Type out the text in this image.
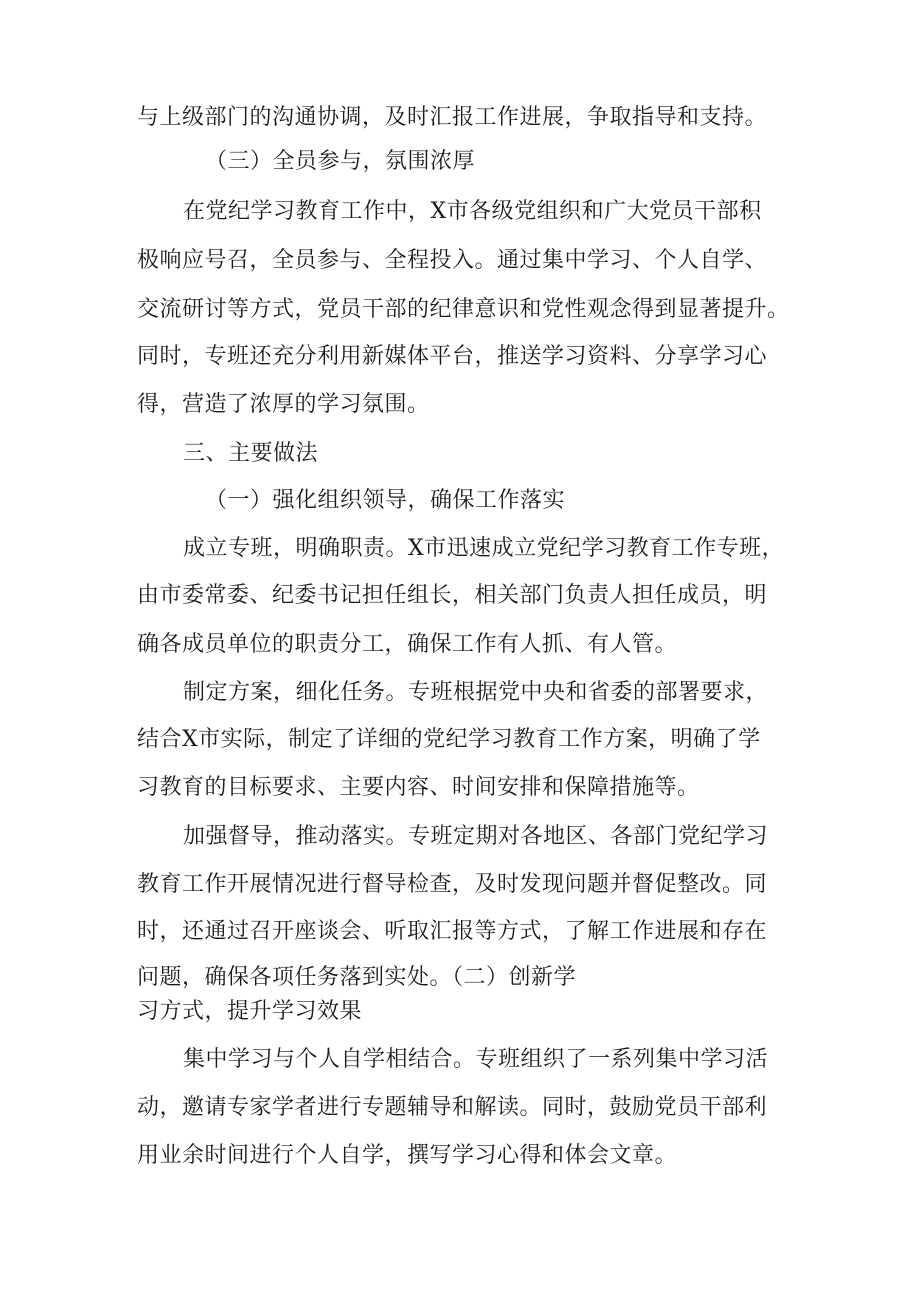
与上级部门的沟通协调，及时汇报工作进展，争取指导和支持。
（三）全员参与，氛围浓厚
在党纪学习教育工作中，X市各级党组织和广大党员干部积
极响应号召，全员参与、全程投入。通过集中学习、个人自学、
交流研讨等方式，党员干部的纪律意识和党性观念得到显著提升。
同时，专班还充分利用新媒体平台，推送学习资料、分享学习心
得，营造了浓厚的学习氛围。
三、主要做法
（一）强化组织领导，确保工作落实
成立专班，明确职责。X市迅速成立党纪学习教育工作专班，
由市委常委、纪委书记担任组长，相关部门负责人担任成员，明
确各成员单位的职责分工，确保工作有人抓、有人管。
制定方案，细化任务。专班根据党中央和省委的部署要求，
结合X市实际，制定了详细的党纪学习教育工作方案，明确了学
习教育的目标要求、主要内容、时间安排和保障措施等。
加强督导，推动落实。专班定期对各地区、各部门党纪学习
教育工作开展情况进行督导检查，及时发现问题并督促整改。同
时，还通过召开座谈会、听取汇报等方式，了解工作进展和存在
问题，确保各项任务落到实处。（二）创新学
习方式，提升学习效果
集中学习与个人自学相结合。专班组织了一系列集中学习活
动，邀请专家学者进行专题辅导和解读。同时，鼓励党员干部利
用业余时间进行个人自学，撰写学习心得和体会文章。
